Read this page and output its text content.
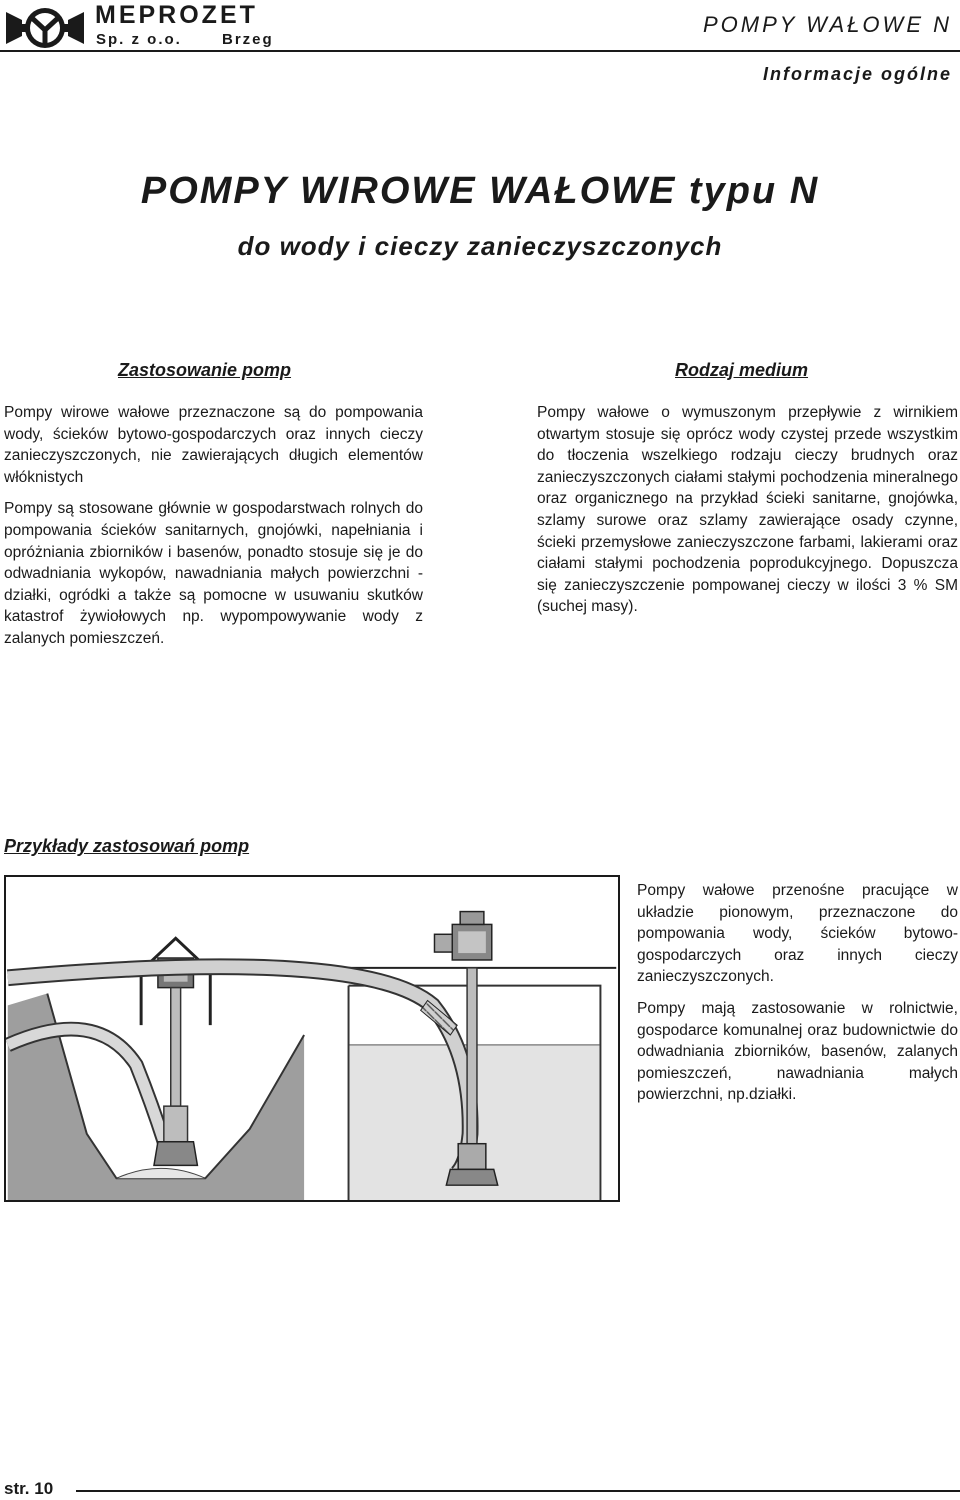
MEPROZET
Sp. z o.o.	Brzeg
POMPY WAŁOWE N
Informacje ogólne
POMPY WIROWE WAŁOWE typu N
do wody i cieczy zanieczyszczonych
Zastosowanie pomp

Pompy wirowe wałowe przeznaczone są do pompowania wody, ścieków bytowo-gospodarczych oraz innych cieczy zanieczyszczonych, nie zawierających długich elementów włóknistych

Pompy są stosowane głównie w gospodarstwach rolnych do pompowania ścieków sanitarnych, gnojówki, napełniania i opróżniania zbiorników i basenów, ponadto stosuje się je do odwadniania wykopów, nawadniania małych powierzchni - działki, ogródki a także są pomocne w usuwaniu skutków katastrof żywiołowych np. wypompowywanie wody z zalanych pomieszczeń.

Rodzaj medium

Pompy wałowe o wymuszonym przepływie z wirnikiem otwartym stosuje się oprócz wody czystej przede wszystkim do tłoczenia wszelkiego rodzaju cieczy brudnych oraz zanieczyszczonych ciałami stałymi pochodzenia mineralnego oraz organicznego na przykład ścieki sanitarne, gnojówka, szlamy surowe oraz szlamy zawierające osady czynne, ścieki przemysłowe zanieczyszczone farbami, lakierami oraz ciałami stałymi pochodzenia poprodukcyjnego. Dopuszcza się zanieczyszczenie pompowanej cieczy w ilości 3 % SM (suchej masy).

Przykłady zastosowań pomp

Pompy wałowe przenośne pracujące w układzie pionowym, przeznaczone do pompowania wody, ścieków bytowo-gospodarczych oraz innych cieczy zanieczyszczonych.

Pompy mają zastosowanie w rolnictwie, gospodarce komunalnej oraz budownictwie do odwadniania zbiorników, basenów, zalanych pomieszczeń, nawadniania małych powierzchni, np.działki.

str. 10
